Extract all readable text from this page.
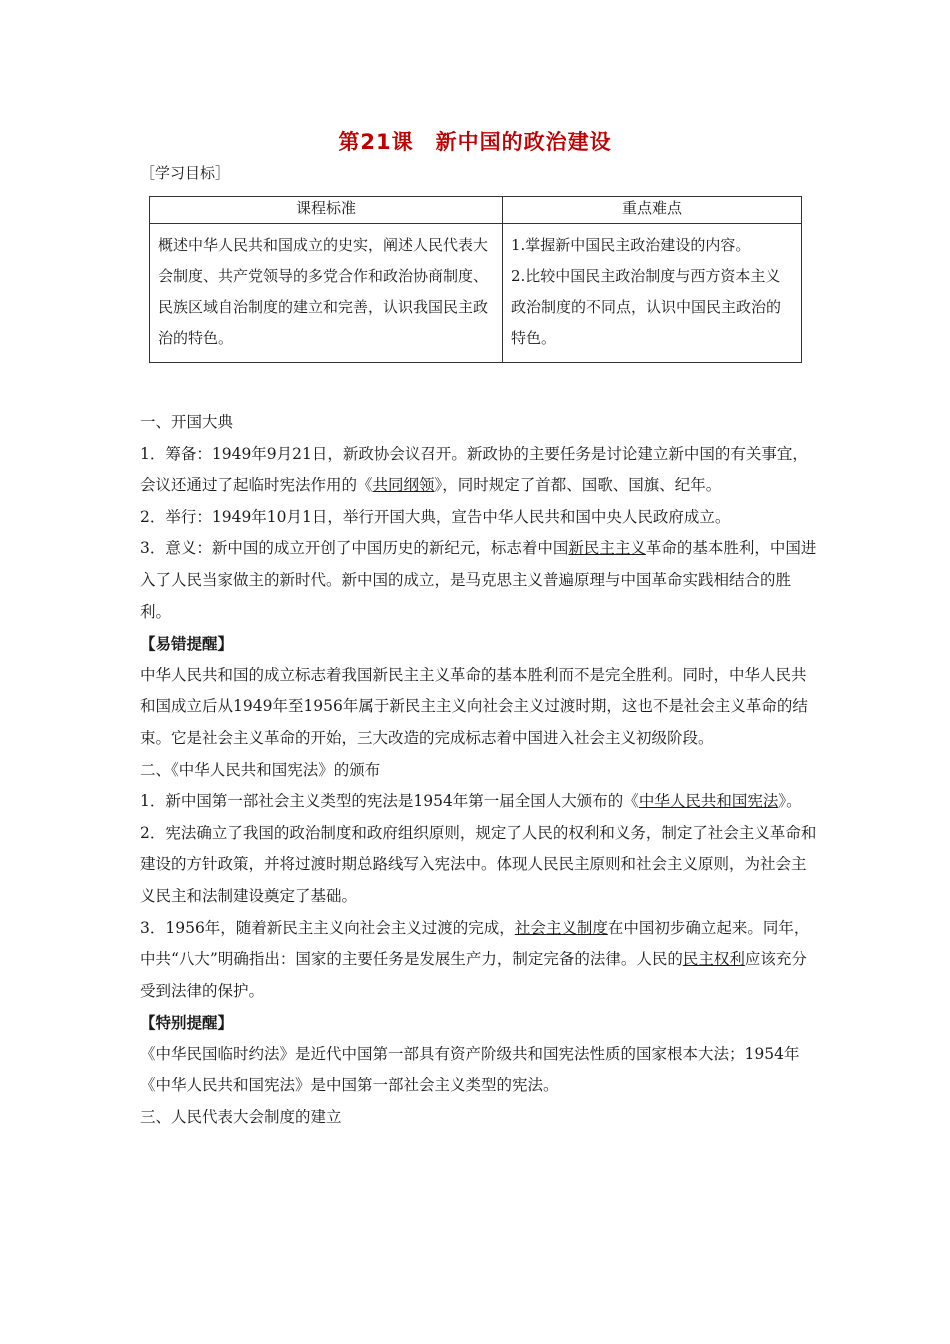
第21课　新中国的政治建设
［学习目标］
课程标准	重点难点
概述中华人民共和国成立的史实，阐述人民代表大会制度、共产党领导的多党合作和政治协商制度、民族区域自治制度的建立和完善，认识我国民主政治的特色。	1.掌握新中国民主政治建设的内容。
2.比较中国民主政治制度与西方资本主义政治制度的不同点，认识中国民主政治的特色。

一、开国大典

1．筹备：1949年9月21日，新政协会议召开。新政协的主要任务是讨论建立新中国的有关事宜，会议还通过了起临时宪法作用的《共同纲领》，同时规定了首都、国歌、国旗、纪年。

2．举行：1949年10月1日，举行开国大典，宣告中华人民共和国中央人民政府成立。

3．意义：新中国的成立开创了中国历史的新纪元，标志着中国新民主主义革命的基本胜利，中国进入了人民当家做主的新时代。新中国的成立，是马克思主义普遍原理与中国革命实践相结合的胜利。

【易错提醒】

中华人民共和国的成立标志着我国新民主主义革命的基本胜利而不是完全胜利。同时，中华人民共和国成立后从1949年至1956年属于新民主主义向社会主义过渡时期，这也不是社会主义革命的结束。它是社会主义革命的开始，三大改造的完成标志着中国进入社会主义初级阶段。

二、《中华人民共和国宪法》的颁布

1．新中国第一部社会主义类型的宪法是1954年第一届全国人大颁布的《中华人民共和国宪法》。

2．宪法确立了我国的政治制度和政府组织原则，规定了人民的权利和义务，制定了社会主义革命和建设的方针政策，并将过渡时期总路线写入宪法中。体现人民民主原则和社会主义原则，为社会主义民主和法制建设奠定了基础。

3．1956年，随着新民主主义向社会主义过渡的完成，社会主义制度在中国初步确立起来。同年，中共“八大”明确指出：国家的主要任务是发展生产力，制定完备的法律。人民的民主权利应该充分受到法律的保护。

【特别提醒】

《中华民国临时约法》是近代中国第一部具有资产阶级共和国宪法性质的国家根本大法；1954年《中华人民共和国宪法》是中国第一部社会主义类型的宪法。

三、人民代表大会制度的建立
